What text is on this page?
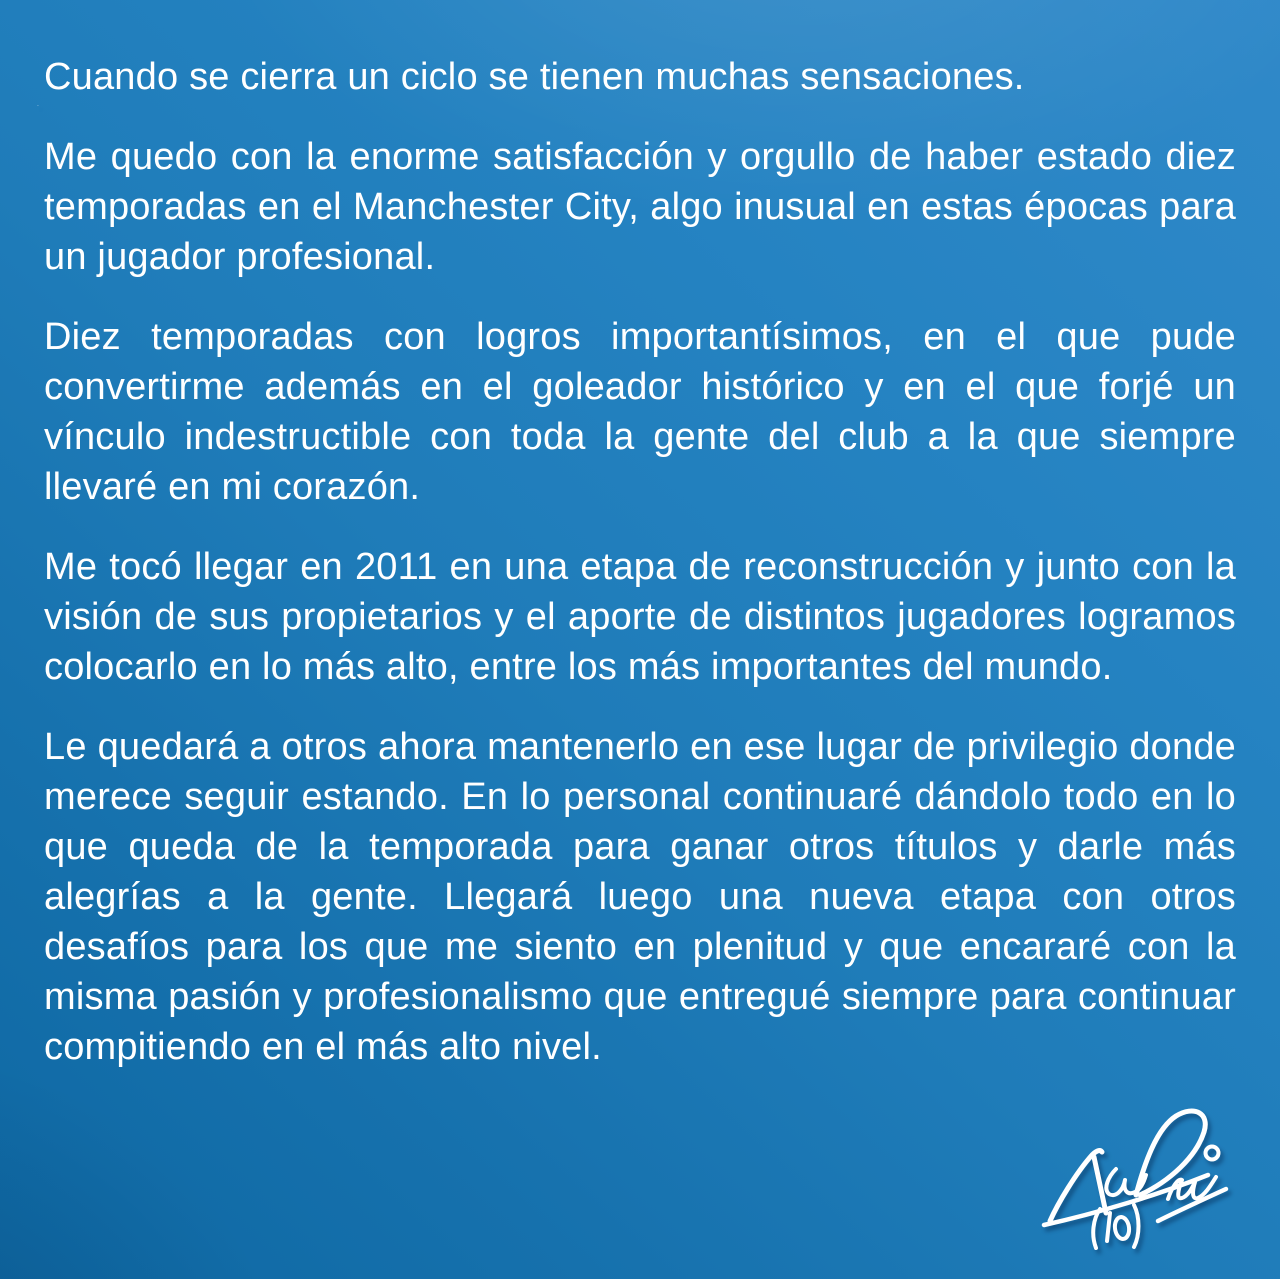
Cuando se cierra un ciclo se tienen muchas sensaciones.

Me quedo con la enorme satisfacción y orgullo de haber estado diez temporadas en el Manchester City, algo inusual en estas épocas para un jugador profesional.

Diez temporadas con logros importantísimos, en el que pude convertirme además en el goleador histórico y en el que forjé un vínculo indestructible con toda la gente del club a la que siempre llevaré en mi corazón.

Me tocó llegar en 2011 en una etapa de reconstrucción y junto con la visión de sus propietarios y el aporte de distintos jugadores logramos colocarlo en lo más alto, entre los más importantes del mundo.

Le quedará a otros ahora mantenerlo en ese lugar de privilegio donde merece seguir estando. En lo personal continuaré dándolo todo en lo que queda de la temporada para ganar otros títulos y darle más alegrías a la gente. Llegará luego una nueva etapa con otros desafíos para los que me siento en plenitud y que encararé con la misma pasión y profesionalismo que entregué siempre para continuar compitiendo en el más alto nivel.

(10)
